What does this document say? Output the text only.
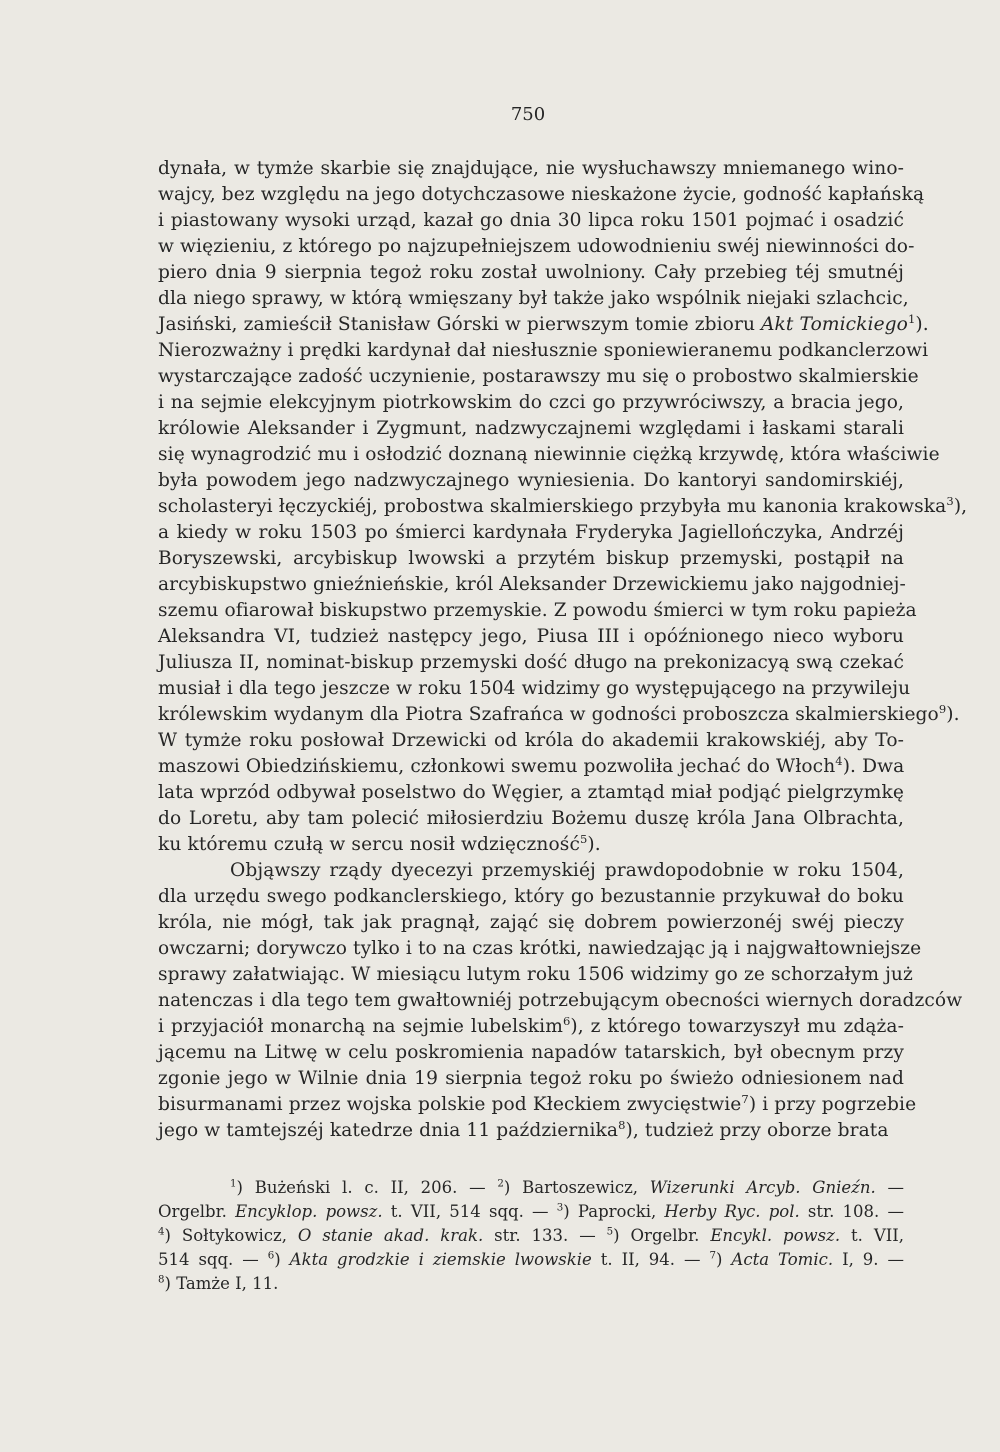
750

dynała, w tymże skarbie się znajdujące, nie wysłuchawszy mniemanego wino-
wajcy, bez względu na jego dotychczasowe nieskażone życie, godność kapłańską
i piastowany wysoki urząd, kazał go dnia 30 lipca roku 1501 pojmać i osadzić
w więzieniu, z którego po najzupełniejszem udowodnieniu swéj niewinności do-
piero dnia 9 sierpnia tegoż roku został uwolniony. Cały przebieg téj smutnéj
dla niego sprawy, w którą wmięszany był także jako wspólnik niejaki szlachcic,
Jasiński, zamieścił Stanisław Górski w pierwszym tomie zbioru Akt Tomickiego$^1$).
Nierozważny i prędki kardynał dał niesłusznie sponiewieranemu podkanclerzowi
wystarczające zadość uczynienie, postarawszy mu się o probostwo skalmierskie
i na sejmie elekcyjnym piotrkowskim do czci go przywróciwszy, a bracia jego,
królowie Aleksander i Zygmunt, nadzwyczajnemi względami i łaskami starali
się wynagrodzić mu i osłodzić doznaną niewinnie ciężką krzywdę, która właściwie
była powodem jego nadzwyczajnego wyniesienia. Do kantoryi sandomirskiéj,
scholasteryi łęczyckiéj, probostwa skalmierskiego przybyła mu kanonia krakowska$^3$),
a kiedy w roku 1503 po śmierci kardynała Fryderyka Jagiellończyka, Andrzéj
Boryszewski, arcybiskup lwowski a przytém biskup przemyski, postąpił na
arcybiskupstwo gnieźnieńskie, król Aleksander Drzewickiemu jako najgodniej-
szemu ofiarował biskupstwo przemyskie. Z powodu śmierci w tym roku papieża
Aleksandra VI, tudzież następcy jego, Piusa III i opóźnionego nieco wyboru
Juliusza II, nominat-biskup przemyski dość długo na prekonizacyą swą czekać
musiał i dla tego jeszcze w roku 1504 widzimy go występującego na przywileju
królewskim wydanym dla Piotra Szafrańca w godności proboszcza skalmierskiego$^9$).
W tymże roku posłował Drzewicki od króla do akademii krakowskiéj, aby To-
maszowi Obiedzińskiemu, członkowi swemu pozwoliła jechać do Włoch$^4$). Dwa
lata wprzód odbywał poselstwo do Węgier, a ztamtąd miał podjąć pielgrzymkę
do Loretu, aby tam polecić miłosierdziu Bożemu duszę króla Jana Olbrachta,
ku któremu czułą w sercu nosił wdzięczność$^5$).

Objąwszy rządy dyecezyi przemyskiéj prawdopodobnie w roku 1504,
dla urzędu swego podkanclerskiego, który go bezustannie przykuwał do boku
króla, nie mógł, tak jak pragnął, zająć się dobrem powierzonéj swéj pieczy
owczarni; dorywczo tylko i to na czas krótki, nawiedzając ją i najgwałtowniejsze
sprawy załatwiając. W miesiącu lutym roku 1506 widzimy go ze schorzałym już
natenczas i dla tego tem gwałtowniéj potrzebującym obecności wiernych doradzców
i przyjaciół monarchą na sejmie lubelskim$^6$), z którego towarzyszył mu zdąża-
jącemu na Litwę w celu poskromienia napadów tatarskich, był obecnym przy
zgonie jego w Wilnie dnia 19 sierpnia tegoż roku po świeżo odniesionem nad
bisurmanami przez wojska polskie pod Kłeckiem zwycięstwie$^7$) i przy pogrzebie
jego w tamtejszéj katedrze dnia 11 października$^8$), tudzież przy oborze brata

$^1$) Bużeński l. c. II, 206. — $^2$) Bartoszewicz, Wizerunki Arcyb. Gnieźn. —
Orgelbr. Encyklop. powsz. t. VII, 514 sqq. — $^3$) Paprocki, Herby Ryc. pol. str. 108. —
$^4$) Sołtykowicz, O stanie akad. krak. str. 133. — $^5$) Orgelbr. Encykl. powsz. t. VII,
514 sqq. — $^6$) Akta grodzkie i ziemskie lwowskie t. II, 94. — $^7$) Acta Tomic. I, 9. —
$^8$) Tamże I, 11.
